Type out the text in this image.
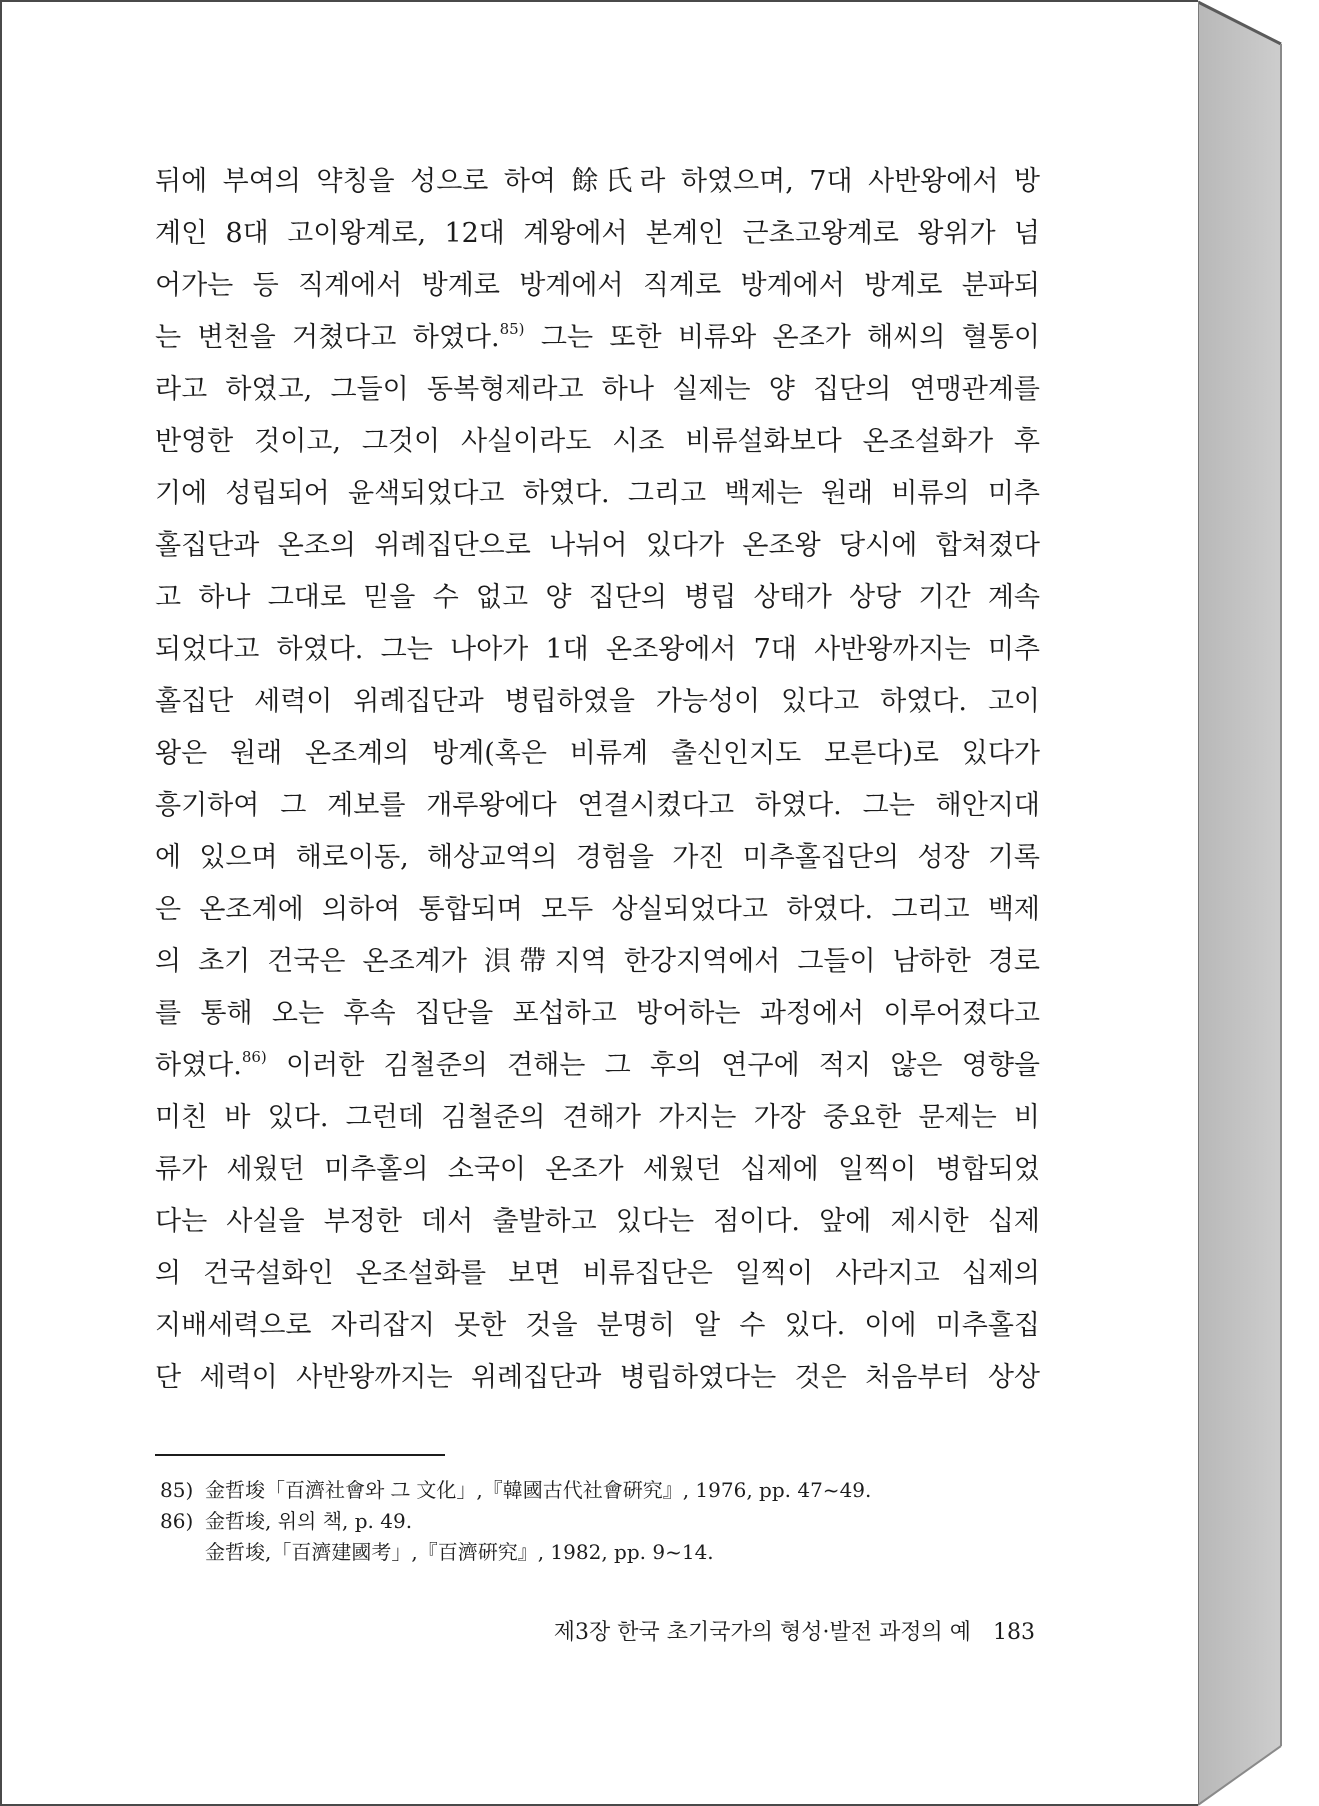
뒤에 부여의 약칭을 성으로 하여 餘氏라 하였으며, 7대 사반왕에서 방
계인 8대 고이왕계로, 12대 계왕에서 본계인 근초고왕계로 왕위가 넘
어가는 등 직계에서 방계로 방계에서 직계로 방계에서 방계로 분파되
는 변천을 거쳤다고 하였다.$^{85)}$ 그는 또한 비류와 온조가 해씨의 혈통이
라고 하였고, 그들이 동복형제라고 하나 실제는 양 집단의 연맹관계를
반영한 것이고, 그것이 사실이라도 시조 비류설화보다 온조설화가 후
기에 성립되어 윤색되었다고 하였다. 그리고 백제는 원래 비류의 미추
홀집단과 온조의 위례집단으로 나뉘어 있다가 온조왕 당시에 합쳐졌다
고 하나 그대로 믿을 수 없고 양 집단의 병립 상태가 상당 기간 계속
되었다고 하였다. 그는 나아가 1대 온조왕에서 7대 사반왕까지는 미추
홀집단 세력이 위례집단과 병립하였을 가능성이 있다고 하였다. 고이
왕은 원래 온조계의 방계(혹은 비류계 출신인지도 모른다)로 있다가
흥기하여 그 계보를 개루왕에다 연결시켰다고 하였다. 그는 해안지대
에 있으며 해로이동, 해상교역의 경험을 가진 미추홀집단의 성장 기록
은 온조계에 의하여 통합되며 모두 상실되었다고 하였다. 그리고 백제
의 초기 건국은 온조계가 浿帶지역 한강지역에서 그들이 남하한 경로
를 통해 오는 후속 집단을 포섭하고 방어하는 과정에서 이루어졌다고
하였다.$^{86)}$ 이러한 김철준의 견해는 그 후의 연구에 적지 않은 영향을
미친 바 있다. 그런데 김철준의 견해가 가지는 가장 중요한 문제는 비
류가 세웠던 미추홀의 소국이 온조가 세웠던 십제에 일찍이 병합되었
다는 사실을 부정한 데서 출발하고 있다는 점이다. 앞에 제시한 십제
의 건국설화인 온조설화를 보면 비류집단은 일찍이 사라지고 십제의
지배세력으로 자리잡지 못한 것을 분명히 알 수 있다. 이에 미추홀집
단 세력이 사반왕까지는 위례집단과 병립하였다는 것은 처음부터 상상
85) 金哲埈「百濟社會와 그 文化」,『韓國古代社會硏究』, 1976, pp. 47~49.
86) 金哲埈, 위의 책, p. 49.
金哲埈,「百濟建國考」,『百濟硏究』, 1982, pp. 9~14.
제3장 한국 초기국가의 형성·발전 과정의 예 183
